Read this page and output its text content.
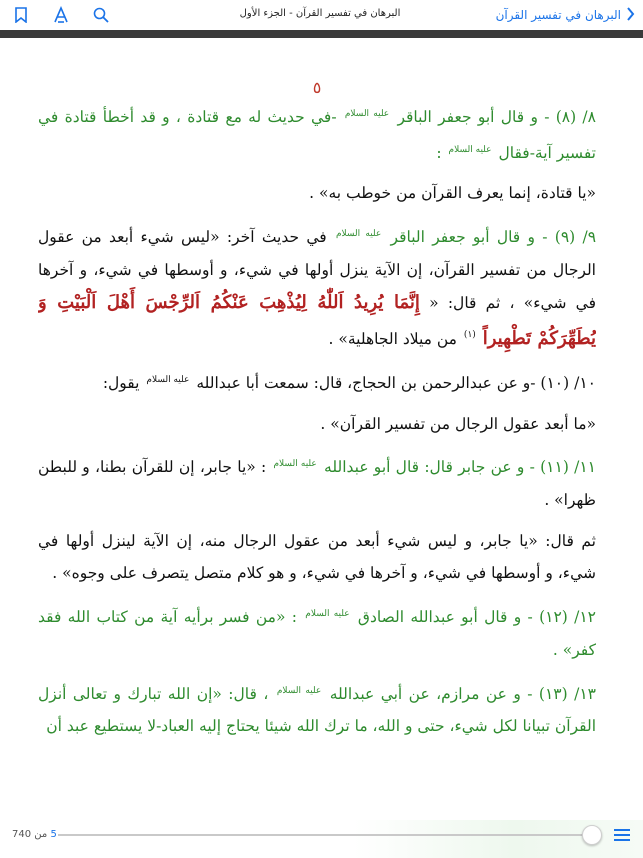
البرهان في تفسير القرآن
البرهان في تفسير القرآن - الجزء الأول
٥

٨/ (٨) - و قال أبو جعفر الباقر $^{عليه السلام}$ -في حديث له مع قتادة ، و قد أخطأ قتادة في تفسير آية-فقال $^{عليه السلام}$ :

«يا قتادة، إنما يعرف القرآن من خوطب به» .

٩/ (٩) - و قال أبو جعفر الباقر $^{عليه السلام}$ في حديث آخر: «ليس شيء أبعد من عقول الرجال من تفسير القرآن، إن الآية ينزل أولها في شيء، و أوسطها في شيء، و آخرها في شيء» ، ثم قال: « إِنَّمَا يُرِيدُ اَللّٰهُ لِيُذْهِبَ عَنْكُمُ اَلرِّجْسَ أَهْلَ اَلْبَيْتِ وَ يُطَهِّرَكُمْ تَطْهِيراً $^{(١)}$ من ميلاد الجاهلية» .

١٠/ (١٠) -و عن عبدالرحمن بن الحجاج، قال: سمعت أبا عبدالله $^{عليه السلام}$ يقول:

«ما أبعد عقول الرجال من تفسير القرآن» .

١١/ (١١) - و عن جابر قال: قال أبو عبدالله $^{عليه السلام}$ : «يا جابر، إن للقرآن بطنا، و للبطن ظهرا» .

ثم قال: «يا جابر، و ليس شيء أبعد من عقول الرجال منه، إن الآية لينزل أولها في شيء، و أوسطها في شيء، و آخرها في شيء، و هو كلام متصل يتصرف على وجوه» .

١٢/ (١٢) - و قال أبو عبدالله الصادق $^{عليه السلام}$ : «من فسر برأيه آية من كتاب الله فقد كفر» .

١٣/ (١٣) - و عن مرازم، عن أبي عبدالله $^{عليه السلام}$ ، قال: «إن الله تبارك و تعالى أنزل القرآن تبيانا لكل شيء، حتى و الله، ما ترك الله شيئا يحتاج إليه العباد-لا يستطيع عبد أن

5 من 740
